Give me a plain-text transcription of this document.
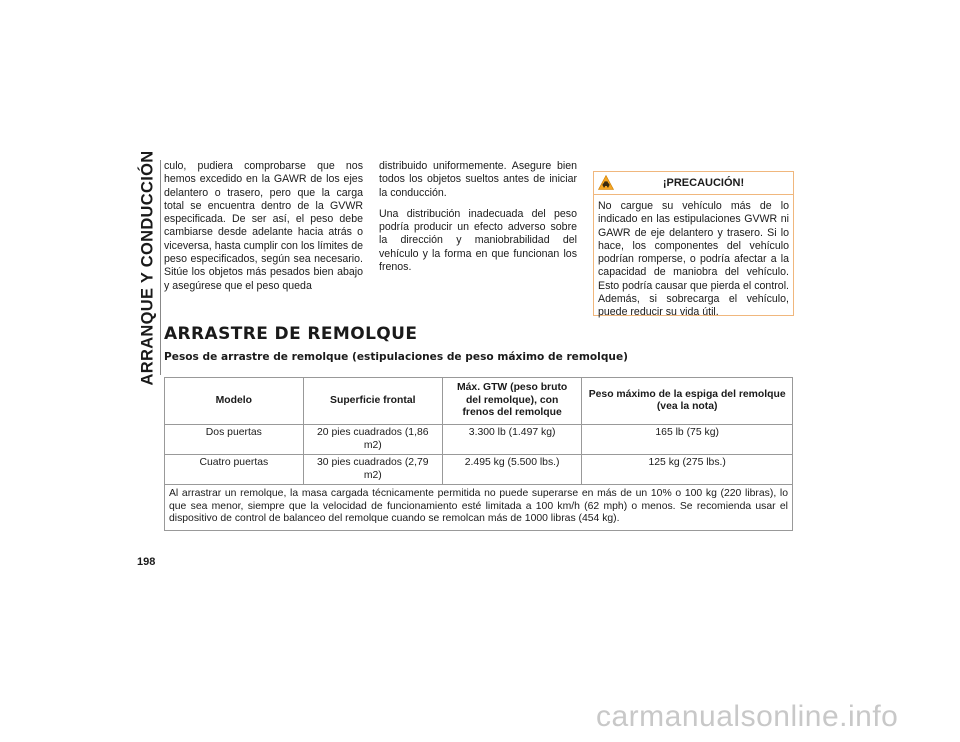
ARRANQUE Y CONDUCCIÓN
198

culo, pudiera comprobarse que nos hemos excedido en la GAWR de los ejes delantero o trasero, pero que la carga total se encuentra dentro de la GVWR especificada. De ser así, el peso debe cambiarse desde adelante hacia atrás o viceversa, hasta cumplir con los límites de peso especificados, según sea necesario. Sitúe los objetos más pesados bien abajo y asegúrese que el peso queda

distribuido uniformemente. Asegure bien todos los objetos sueltos antes de iniciar la conducción.

Una distribución inadecuada del peso podría producir un efecto adverso sobre la dirección y maniobrabilidad del vehículo y la forma en que funcionan los frenos.

¡PRECAUCIÓN!
No cargue su vehículo más de lo indicado en las estipulaciones GVWR ni GAWR de eje delantero y trasero. Si lo hace, los componentes del vehículo podrían romperse, o podría afectar a la capacidad de maniobra del vehículo. Esto podría causar que pierda el control. Además, si sobrecarga el vehículo, puede reducir su vida útil.
ARRASTRE DE REMOLQUE
Pesos de arrastre de remolque (estipulaciones de peso máximo de remolque)
Modelo	Superficie frontal	Máx. GTW (peso bruto del remolque), con frenos del remolque	Peso máximo de la espiga del remolque (vea la nota)
Dos puertas	20 pies cuadrados (1,86 m2)	3.300 lb (1.497 kg)	165 lb (75 kg)
Cuatro puertas	30 pies cuadrados (2,79 m2)	2.495 kg (5.500 lbs.)	125 kg (275 lbs.)
Al arrastrar un remolque, la masa cargada técnicamente permitida no puede superarse en más de un 10% o 100 kg (220 libras), lo que sea menor, siempre que la velocidad de funcionamiento esté limitada a 100 km/h (62 mph) o menos. Se recomienda usar el dispositivo de control de balanceo del remolque cuando se remolcan más de 1000 libras (454 kg).			
carmanualsonline.info
